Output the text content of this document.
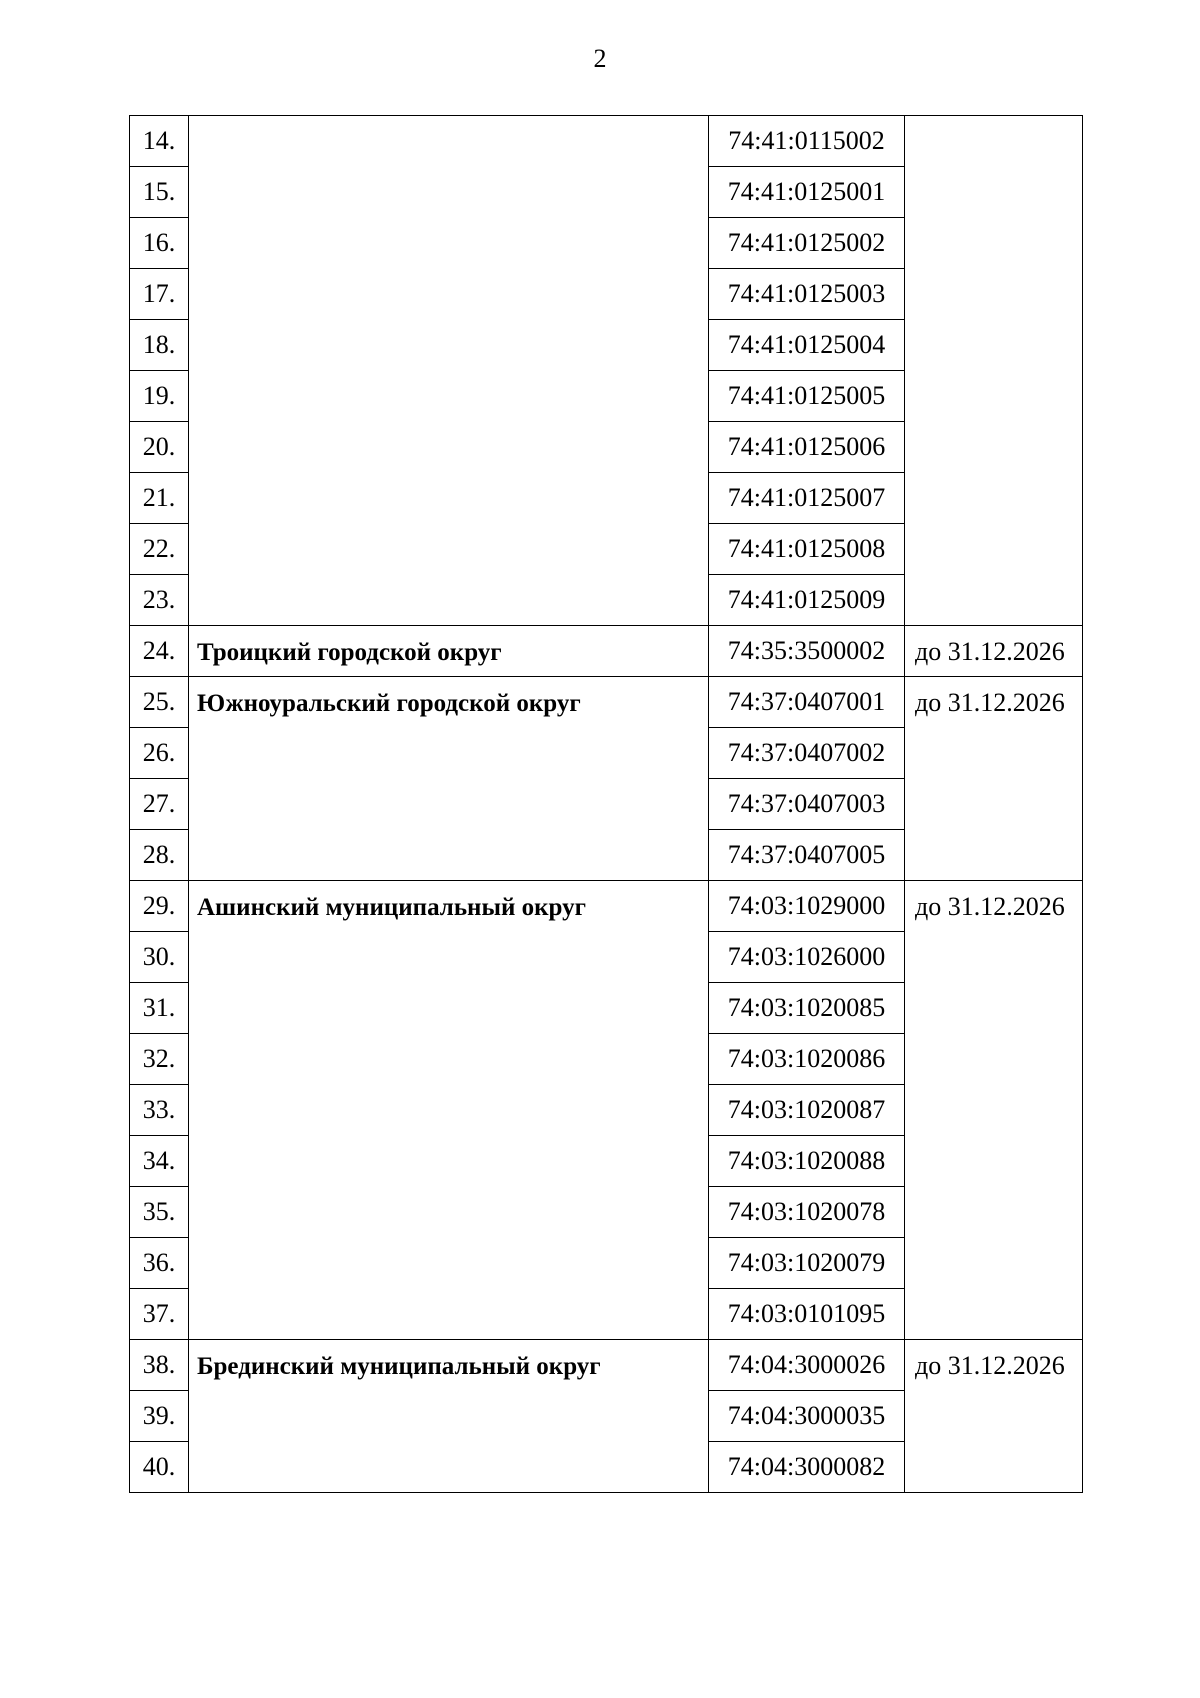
2
14.		74:41:0115002	
15.		74:41:0125001	
16.		74:41:0125002	
17.		74:41:0125003	
18.		74:41:0125004	
19.		74:41:0125005	
20.		74:41:0125006	
21.		74:41:0125007	
22.		74:41:0125008	
23.		74:41:0125009	
24.	Троицкий городской округ	74:35:3500002	до 31.12.2026
25.	Южноуральский городской округ	74:37:0407001	до 31.12.2026
26.		74:37:0407002	
27.		74:37:0407003	
28.		74:37:0407005	
29.	Ашинский муниципальный округ	74:03:1029000	до 31.12.2026
30.		74:03:1026000	
31.		74:03:1020085	
32.		74:03:1020086	
33.		74:03:1020087	
34.		74:03:1020088	
35.		74:03:1020078	
36.		74:03:1020079	
37.		74:03:0101095	
38.	Брединский муниципальный округ	74:04:3000026	до 31.12.2026
39.		74:04:3000035	
40.		74:04:3000082	
